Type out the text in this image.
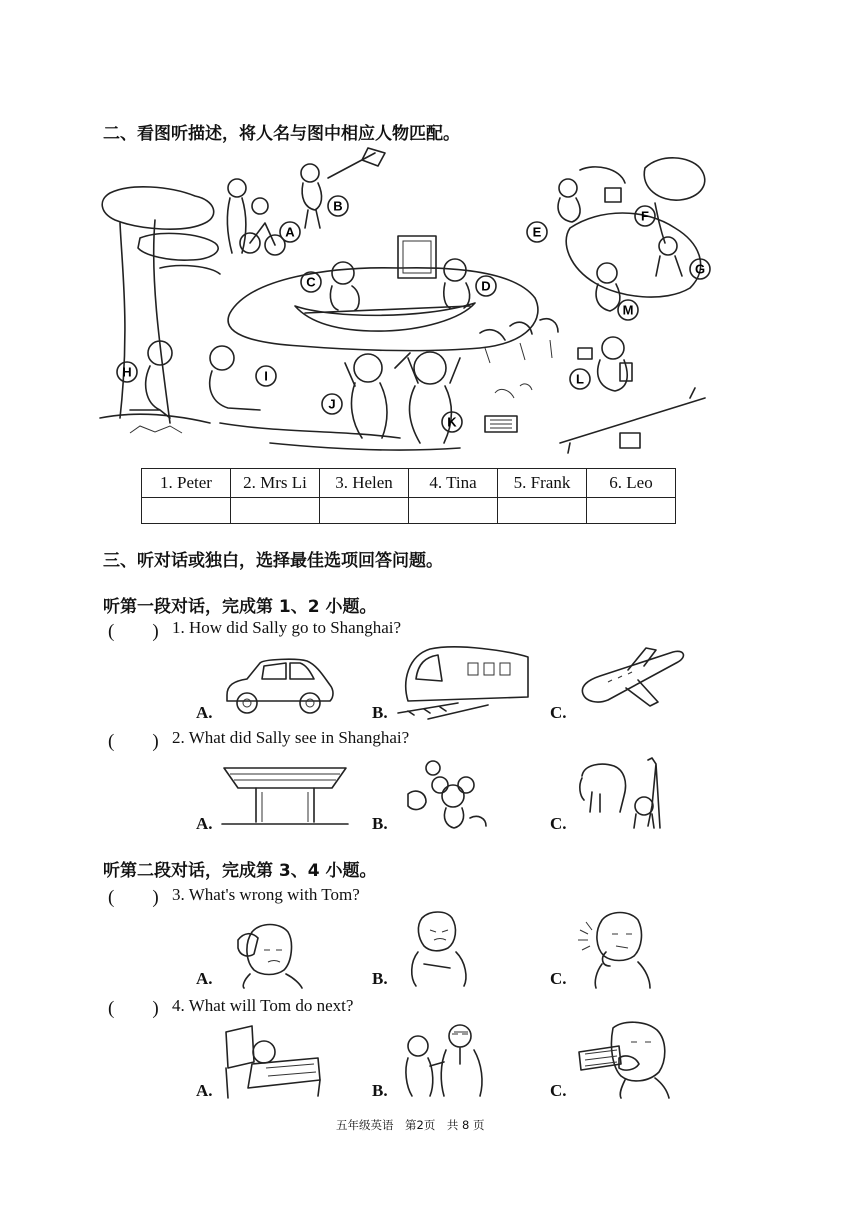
二、看图听描述，将人名与图中相应人物匹配。
A
B
C	D
E
F
G
H	I
J
K
L
M
1. Peter	2. Mrs Li	3. Helen	4. Tina	5. Frank	6. Leo

三、听对话或独白，选择最佳选项回答问题。
听第一段对话，完成第 1、2 小题。
(　　) 1. How did Sally go to Shanghai?
A.	B.	C.
(　　) 2. What did Sally see in Shanghai?
A.	B.	C.
听第二段对话，完成第 3、4 小题。
(　　) 3. What's wrong with Tom?
A.	B.	C.
(　　) 4. What will Tom do next?
A.	B.	C.
五年级英语　第2页　共 8 页
